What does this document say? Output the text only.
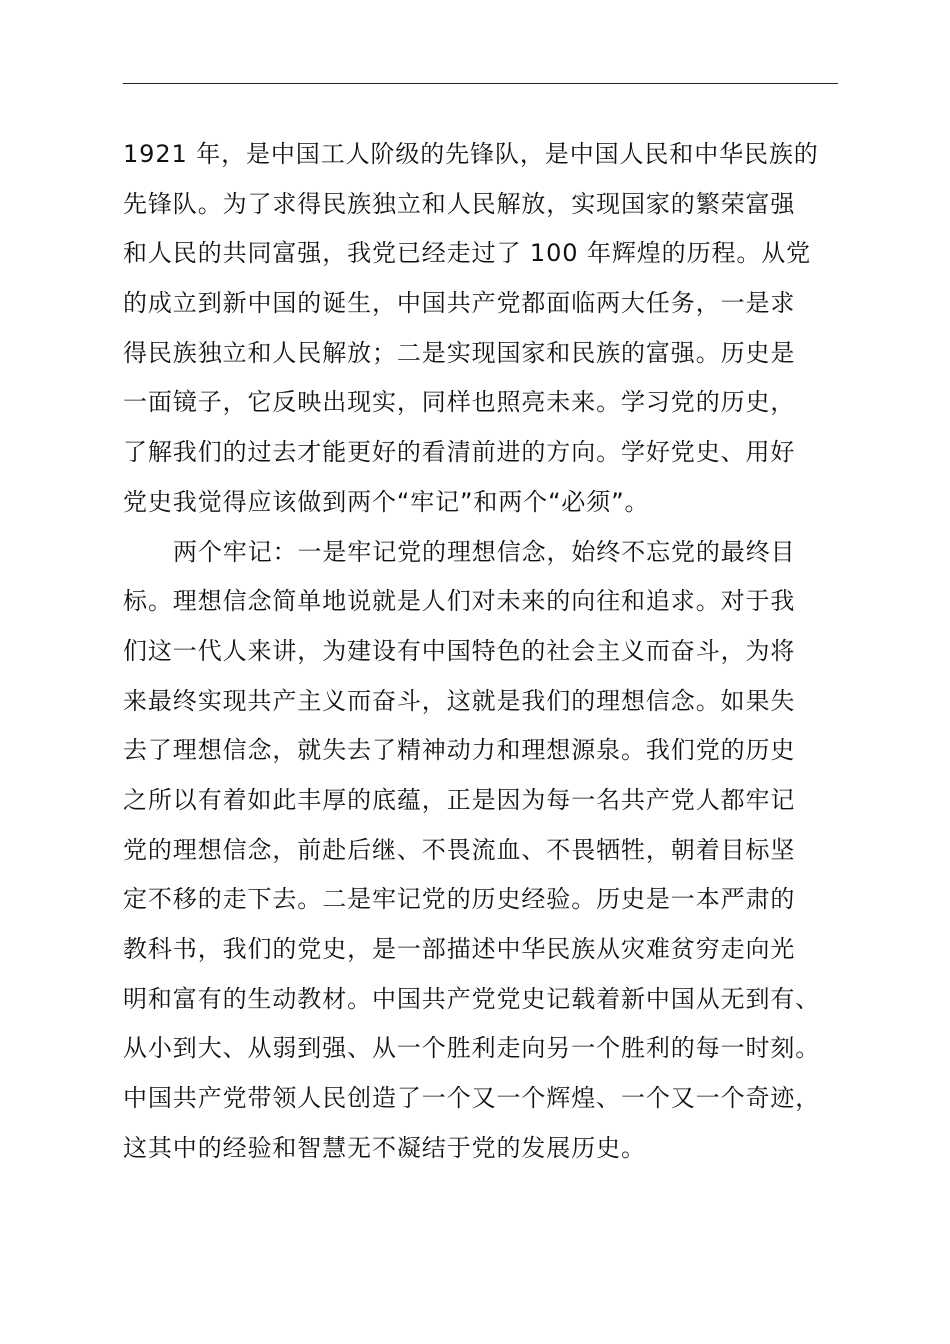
1921 年，是中国工人阶级的先锋队，是中国人民和中华民族的
先锋队。为了求得民族独立和人民解放，实现国家的繁荣富强
和人民的共同富强，我党已经走过了 100 年辉煌的历程。从党
的成立到新中国的诞生，中国共产党都面临两大任务，一是求
得民族独立和人民解放；二是实现国家和民族的富强。历史是
一面镜子，它反映出现实，同样也照亮未来。学习党的历史，
了解我们的过去才能更好的看清前进的方向。学好党史、用好
党史我觉得应该做到两个“牢记”和两个“必须”。
两个牢记：一是牢记党的理想信念，始终不忘党的最终目
标。理想信念简单地说就是人们对未来的向往和追求。对于我
们这一代人来讲，为建设有中国特色的社会主义而奋斗，为将
来最终实现共产主义而奋斗，这就是我们的理想信念。如果失
去了理想信念，就失去了精神动力和理想源泉。我们党的历史
之所以有着如此丰厚的底蕴，正是因为每一名共产党人都牢记
党的理想信念，前赴后继、不畏流血、不畏牺牲，朝着目标坚
定不移的走下去。二是牢记党的历史经验。历史是一本严肃的
教科书，我们的党史，是一部描述中华民族从灾难贫穷走向光
明和富有的生动教材。中国共产党党史记载着新中国从无到有、
从小到大、从弱到强、从一个胜利走向另一个胜利的每一时刻。
中国共产党带领人民创造了一个又一个辉煌、一个又一个奇迹，
这其中的经验和智慧无不凝结于党的发展历史。
